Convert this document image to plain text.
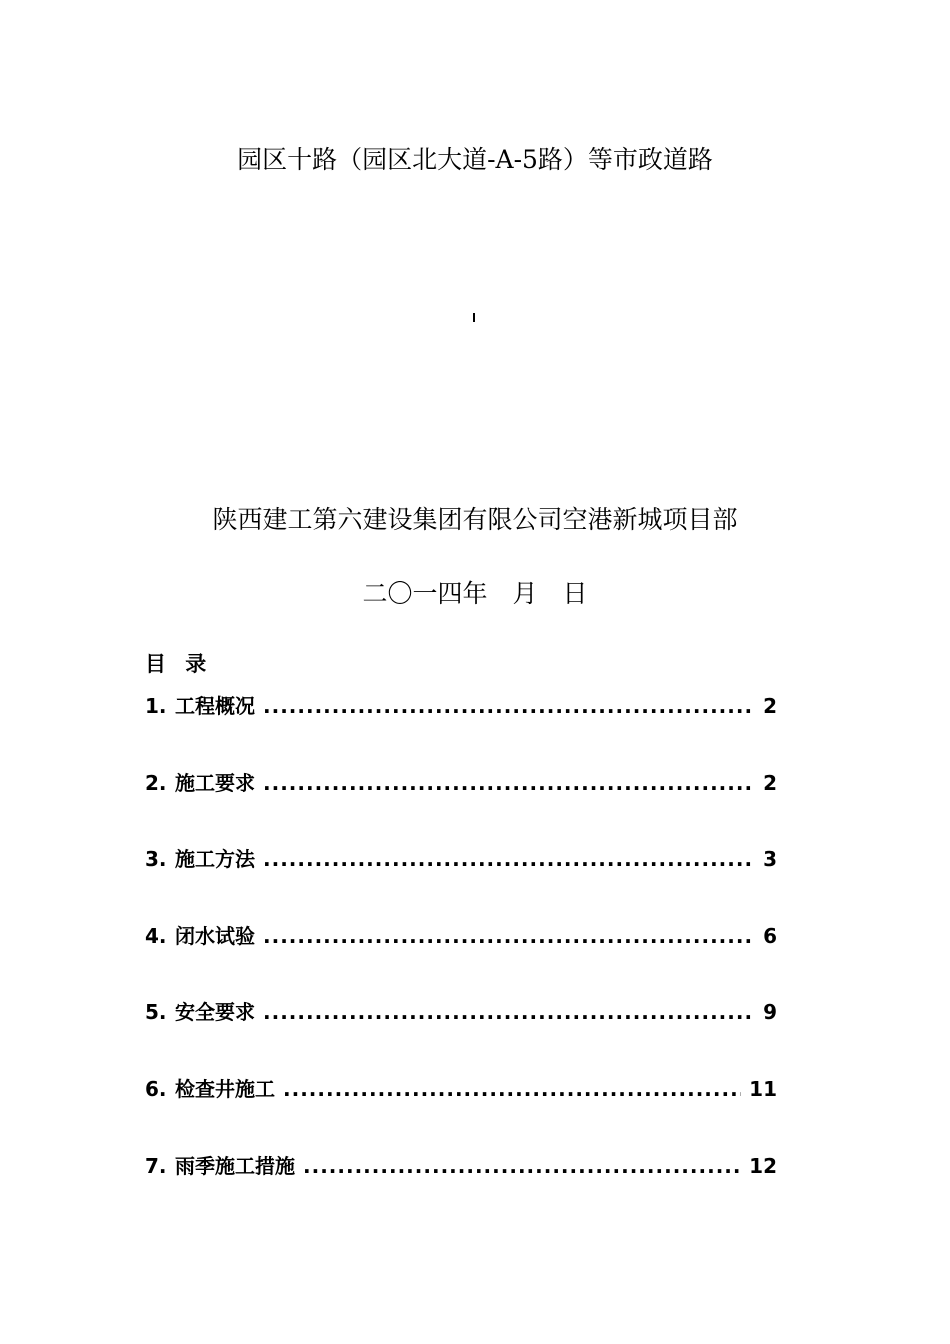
园区十路（园区北大道-A-5路）等市政道路
陕西建工第六建设集团有限公司空港新城项目部
二〇一四年　月　日
目 录
1. 工程概况 .....	2
2. 施工要求 .....	2
3. 施工方法 .....	3
4. 闭水试验 .....	6
5. 安全要求 .....	9
6. 检查井施工 .....	11
7. 雨季施工措施 .....	12
